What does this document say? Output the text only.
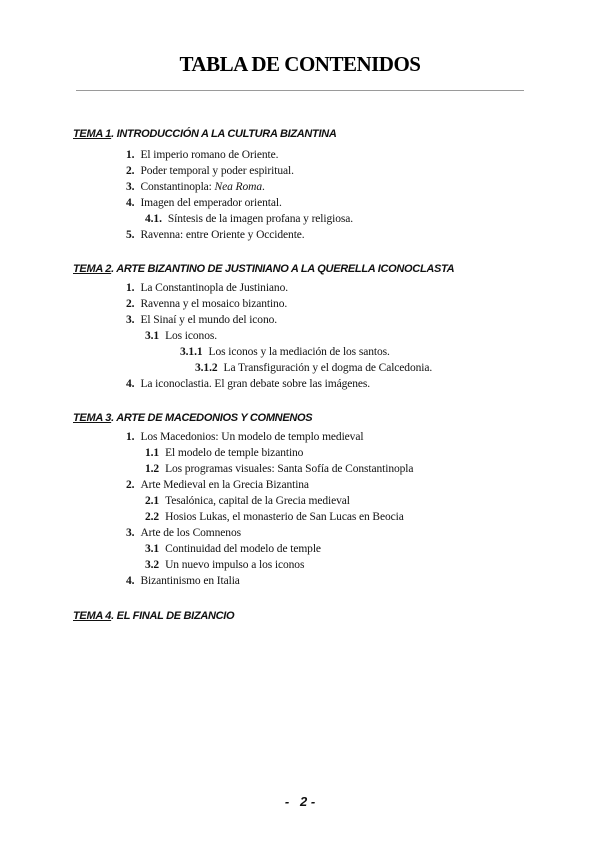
TABLA DE CONTENIDOS
TEMA 1. INTRODUCCIÓN A LA CULTURA BIZANTINA
1. El imperio romano de Oriente.
2. Poder temporal y poder espiritual.
3. Constantinopla: Nea Roma.
4. Imagen del emperador oriental.
4.1. Síntesis de la imagen profana y religiosa.
5. Ravenna: entre Oriente y Occidente.
TEMA 2. ARTE BIZANTINO DE JUSTINIANO A LA QUERELLA ICONOCLASTA
1. La Constantinopla de Justiniano.
2. Ravenna y el mosaico bizantino.
3. El Sinaí y el mundo del icono.
3.1 Los iconos.
3.1.1 Los iconos y la mediación de los santos.
3.1.2 La Transfiguración y el dogma de Calcedonia.
4. La iconoclastia. El gran debate sobre las imágenes.
TEMA 3. ARTE DE MACEDONIOS Y COMNENOS
1. Los Macedonios: Un modelo de templo medieval
1.1 El modelo de temple bizantino
1.2 Los programas visuales: Santa Sofía de Constantinopla
2. Arte Medieval en la Grecia Bizantina
2.1 Tesalónica, capital de la Grecia medieval
2.2 Hosios Lukas, el monasterio de San Lucas en Beocia
3. Arte de los Comnenos
3.1 Continuidad del modelo de temple
3.2 Un nuevo impulso a los iconos
4. Bizantinismo en Italia
TEMA 4. EL FINAL DE BIZANCIO
-   2 -
